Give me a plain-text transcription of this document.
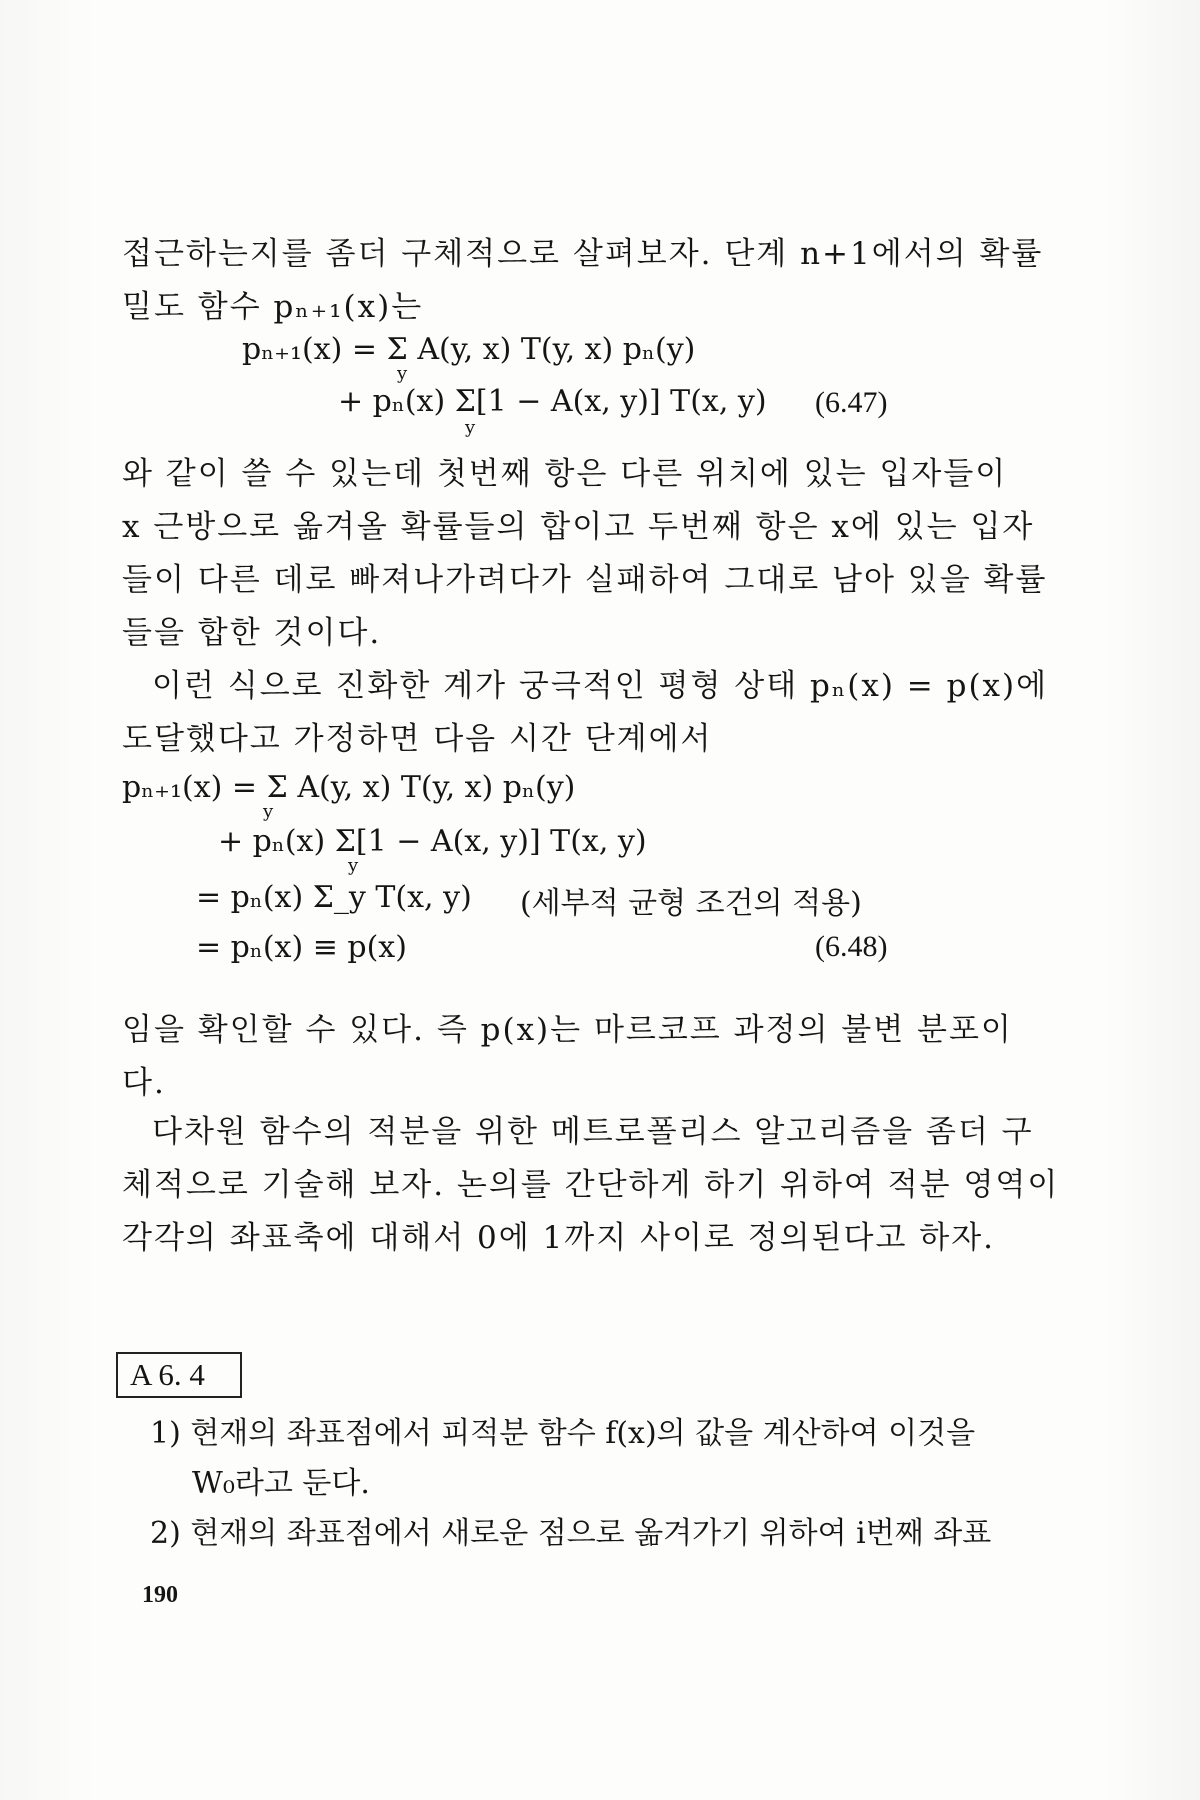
접근하는지를 좀더 구체적으로 살펴보자. 단계 n+1에서의 확률
밀도 함수 pₙ₊₁(x)는
pₙ₊₁(x) = Σ A(y, x) T(y, x) pₙ(y)
y
+ pₙ(x) Σ[1 − A(x, y)] T(x, y)
y
(6.47)
와 같이 쓸 수 있는데 첫번째 항은 다른 위치에 있는 입자들이
x 근방으로 옮겨올 확률들의 합이고 두번째 항은 x에 있는 입자
들이 다른 데로 빠져나가려다가 실패하여 그대로 남아 있을 확률
들을 합한 것이다.
이런 식으로 진화한 계가 궁극적인 평형 상태 pₙ(x) = p(x)에
도달했다고 가정하면 다음 시간 단계에서
pₙ₊₁(x) = Σ A(y, x) T(y, x) pₙ(y)
y
+ pₙ(x) Σ[1 − A(x, y)] T(x, y)
y
= pₙ(x) Σ_y T(x, y) (세부적 균형 조건의 적용)
= pₙ(x) ≡ p(x)	(6.48)
임을 확인할 수 있다. 즉 p(x)는 마르코프 과정의 불변 분포이
다.
다차원 함수의 적분을 위한 메트로폴리스 알고리즘을 좀더 구
체적으로 기술해 보자. 논의를 간단하게 하기 위하여 적분 영역이
각각의 좌표축에 대해서 0에 1까지 사이로 정의된다고 하자.
A 6. 4
1) 현재의 좌표점에서 피적분 함수 f(x)의 값을 계산하여 이것을
W₀라고 둔다.
2) 현재의 좌표점에서 새로운 점으로 옮겨가기 위하여 i번째 좌표
190
